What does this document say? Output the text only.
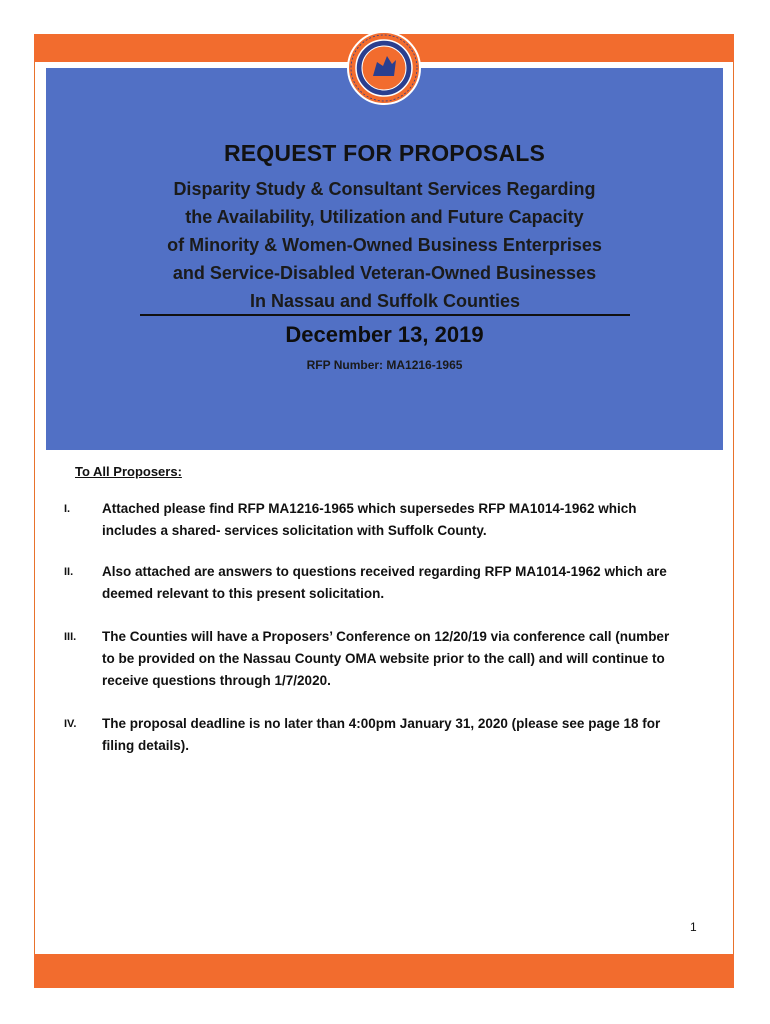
REQUEST FOR PROPOSALS
Disparity Study & Consultant Services Regarding
the Availability, Utilization and Future Capacity
of Minority & Women-Owned Business Enterprises
and Service-Disabled Veteran-Owned Businesses
In Nassau and Suffolk Counties
December 13, 2019
RFP Number: MA1216-1965
To All Proposers:
I.	Attached please find RFP MA1216-1965 which supersedes RFP MA1014-1962 which includes a shared- services solicitation with Suffolk County.
II.	Also attached are answers to questions received regarding RFP MA1014-1962 which are deemed relevant to this present solicitation.
III.	The Counties will have a Proposers’ Conference on 12/20/19 via conference call (number to be provided on the Nassau County OMA website prior to the call) and will continue to receive questions through 1/7/2020.
IV.	The proposal deadline is no later than 4:00pm January 31, 2020 (please see page 18 for filing details).
1
